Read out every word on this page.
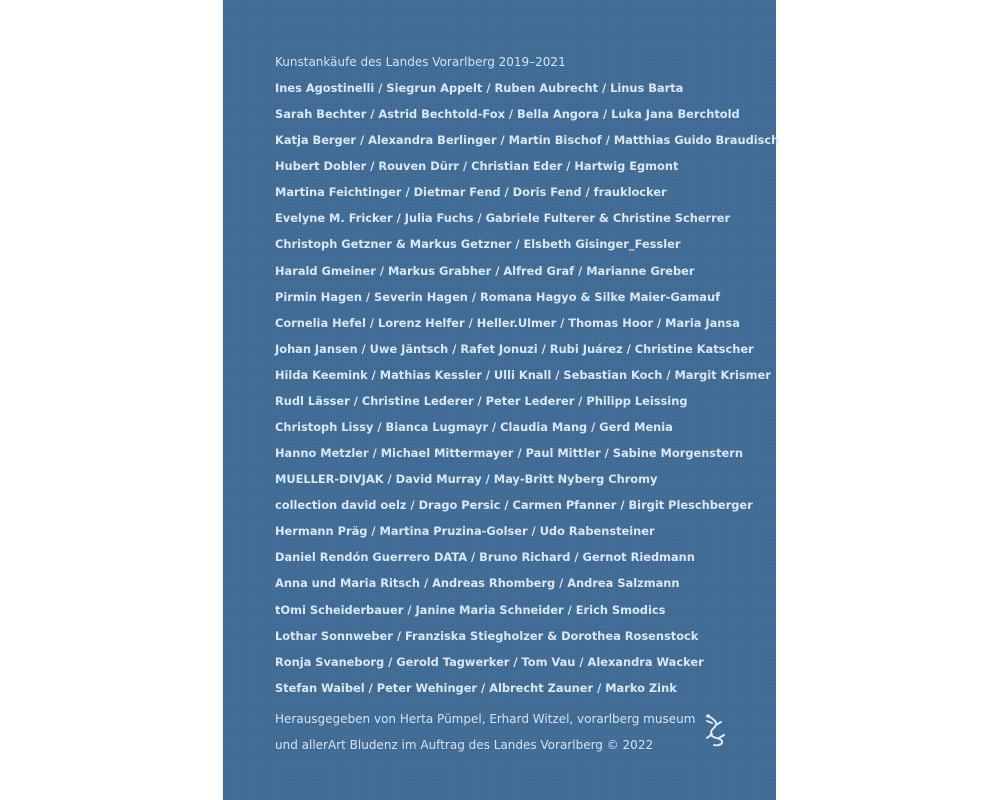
Kunstankäufe des Landes Vorarlberg 2019–2021
Ines Agostinelli / Siegrun Appelt / Ruben Aubrecht / Linus Barta
Sarah Bechter / Astrid Bechtold-Fox / Bella Angora / Luka Jana Berchtold
Katja Berger / Alexandra Berlinger / Martin Bischof / Matthias Guido Braudisch
Hubert Dobler / Rouven Dürr / Christian Eder / Hartwig Egmont
Martina Feichtinger / Dietmar Fend / Doris Fend / frauklocker
Evelyne M. Fricker / Julia Fuchs / Gabriele Fulterer & Christine Scherrer
Christoph Getzner & Markus Getzner / Elsbeth Gisinger_Fessler
Harald Gmeiner / Markus Grabher / Alfred Graf / Marianne Greber
Pirmin Hagen / Severin Hagen / Romana Hagyo & Silke Maier-Gamauf
Cornelia Hefel / Lorenz Helfer / Heller.Ulmer / Thomas Hoor / Maria Jansa
Johan Jansen / Uwe Jäntsch / Rafet Jonuzi / Rubi Juárez / Christine Katscher
Hilda Keemink / Mathias Kessler / Ulli Knall / Sebastian Koch / Margit Krismer
Rudl Lässer / Christine Lederer / Peter Lederer / Philipp Leissing
Christoph Lissy / Bianca Lugmayr / Claudia Mang / Gerd Menia
Hanno Metzler / Michael Mittermayer / Paul Mittler / Sabine Morgenstern
MUELLER-DIVJAK / David Murray / May-Britt Nyberg Chromy
collection david oelz / Drago Persic / Carmen Pfanner / Birgit Pleschberger
Hermann Präg / Martina Pruzina-Golser / Udo Rabensteiner
Daniel Rendón Guerrero DATA / Bruno Richard / Gernot Riedmann
Anna und Maria Ritsch / Andreas Rhomberg / Andrea Salzmann
tOmi Scheiderbauer / Janine Maria Schneider / Erich Smodics
Lothar Sonnweber / Franziska Stiegholzer & Dorothea Rosenstock
Ronja Svaneborg / Gerold Tagwerker / Tom Vau / Alexandra Wacker
Stefan Waibel / Peter Wehinger / Albrecht Zauner / Marko Zink

Herausgegeben von Herta Pümpel, Erhard Witzel, vorarlberg museum
und allerArt Bludenz im Auftrag des Landes Vorarlberg © 2022
